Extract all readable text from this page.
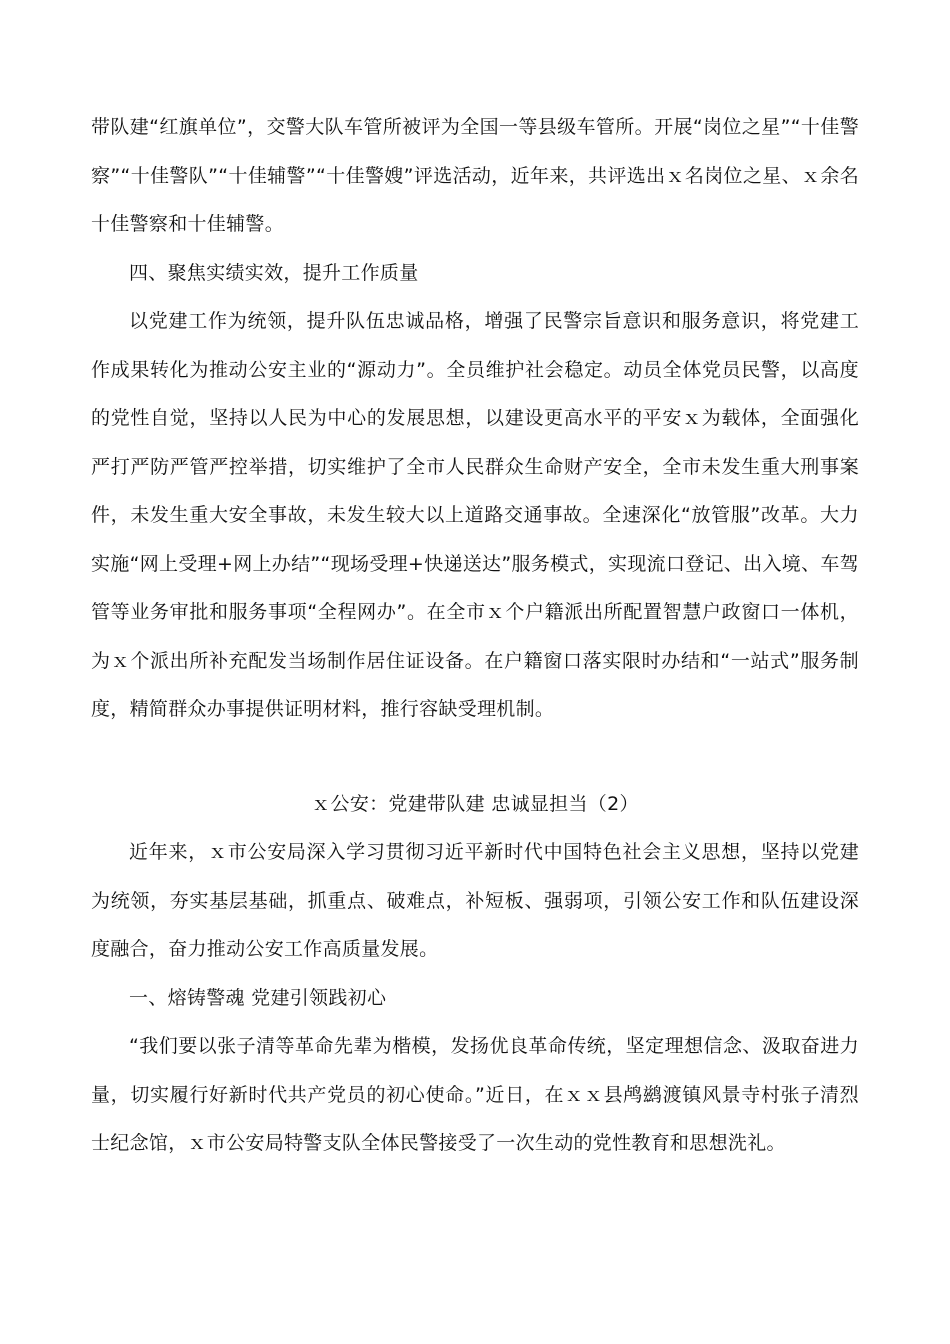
带队建“红旗单位”，交警大队车管所被评为全国一等县级车管所。开展“岗位之星”“十佳警察”“十佳警队”“十佳辅警”“十佳警嫂”评选活动，近年来，共评选出ｘ名岗位之星、ｘ余名十佳警察和十佳辅警。

四、聚焦实绩实效，提升工作质量

以党建工作为统领，提升队伍忠诚品格，增强了民警宗旨意识和服务意识，将党建工作成果转化为推动公安主业的“源动力”。全员维护社会稳定。动员全体党员民警，以高度的党性自觉，坚持以人民为中心的发展思想，以建设更高水平的平安ｘ为载体，全面强化严打严防严管严控举措，切实维护了全市人民群众生命财产安全，全市未发生重大刑事案件，未发生重大安全事故，未发生较大以上道路交通事故。全速深化“放管服”改革。大力实施“网上受理+网上办结”“现场受理+快递送达”服务模式，实现流口登记、出入境、车驾管等业务审批和服务事项“全程网办”。在全市ｘ个户籍派出所配置智慧户政窗口一体机，为ｘ个派出所补充配发当场制作居住证设备。在户籍窗口落实限时办结和“一站式”服务制度，精简群众办事提供证明材料，推行容缺受理机制。

ｘ公安：党建带队建 忠诚显担当（2）

近年来，ｘ市公安局深入学习贯彻习近平新时代中国特色社会主义思想，坚持以党建为统领，夯实基层基础，抓重点、破难点，补短板、强弱项，引领公安工作和队伍建设深度融合，奋力推动公安工作高质量发展。

一、熔铸警魂 党建引领践初心

“我们要以张子清等革命先辈为楷模，发扬优良革命传统，坚定理想信念、汲取奋进力量，切实履行好新时代共产党员的初心使命。”近日，在ｘｘ县鸬鹚渡镇风景寺村张子清烈士纪念馆，ｘ市公安局特警支队全体民警接受了一次生动的党性教育和思想洗礼。
